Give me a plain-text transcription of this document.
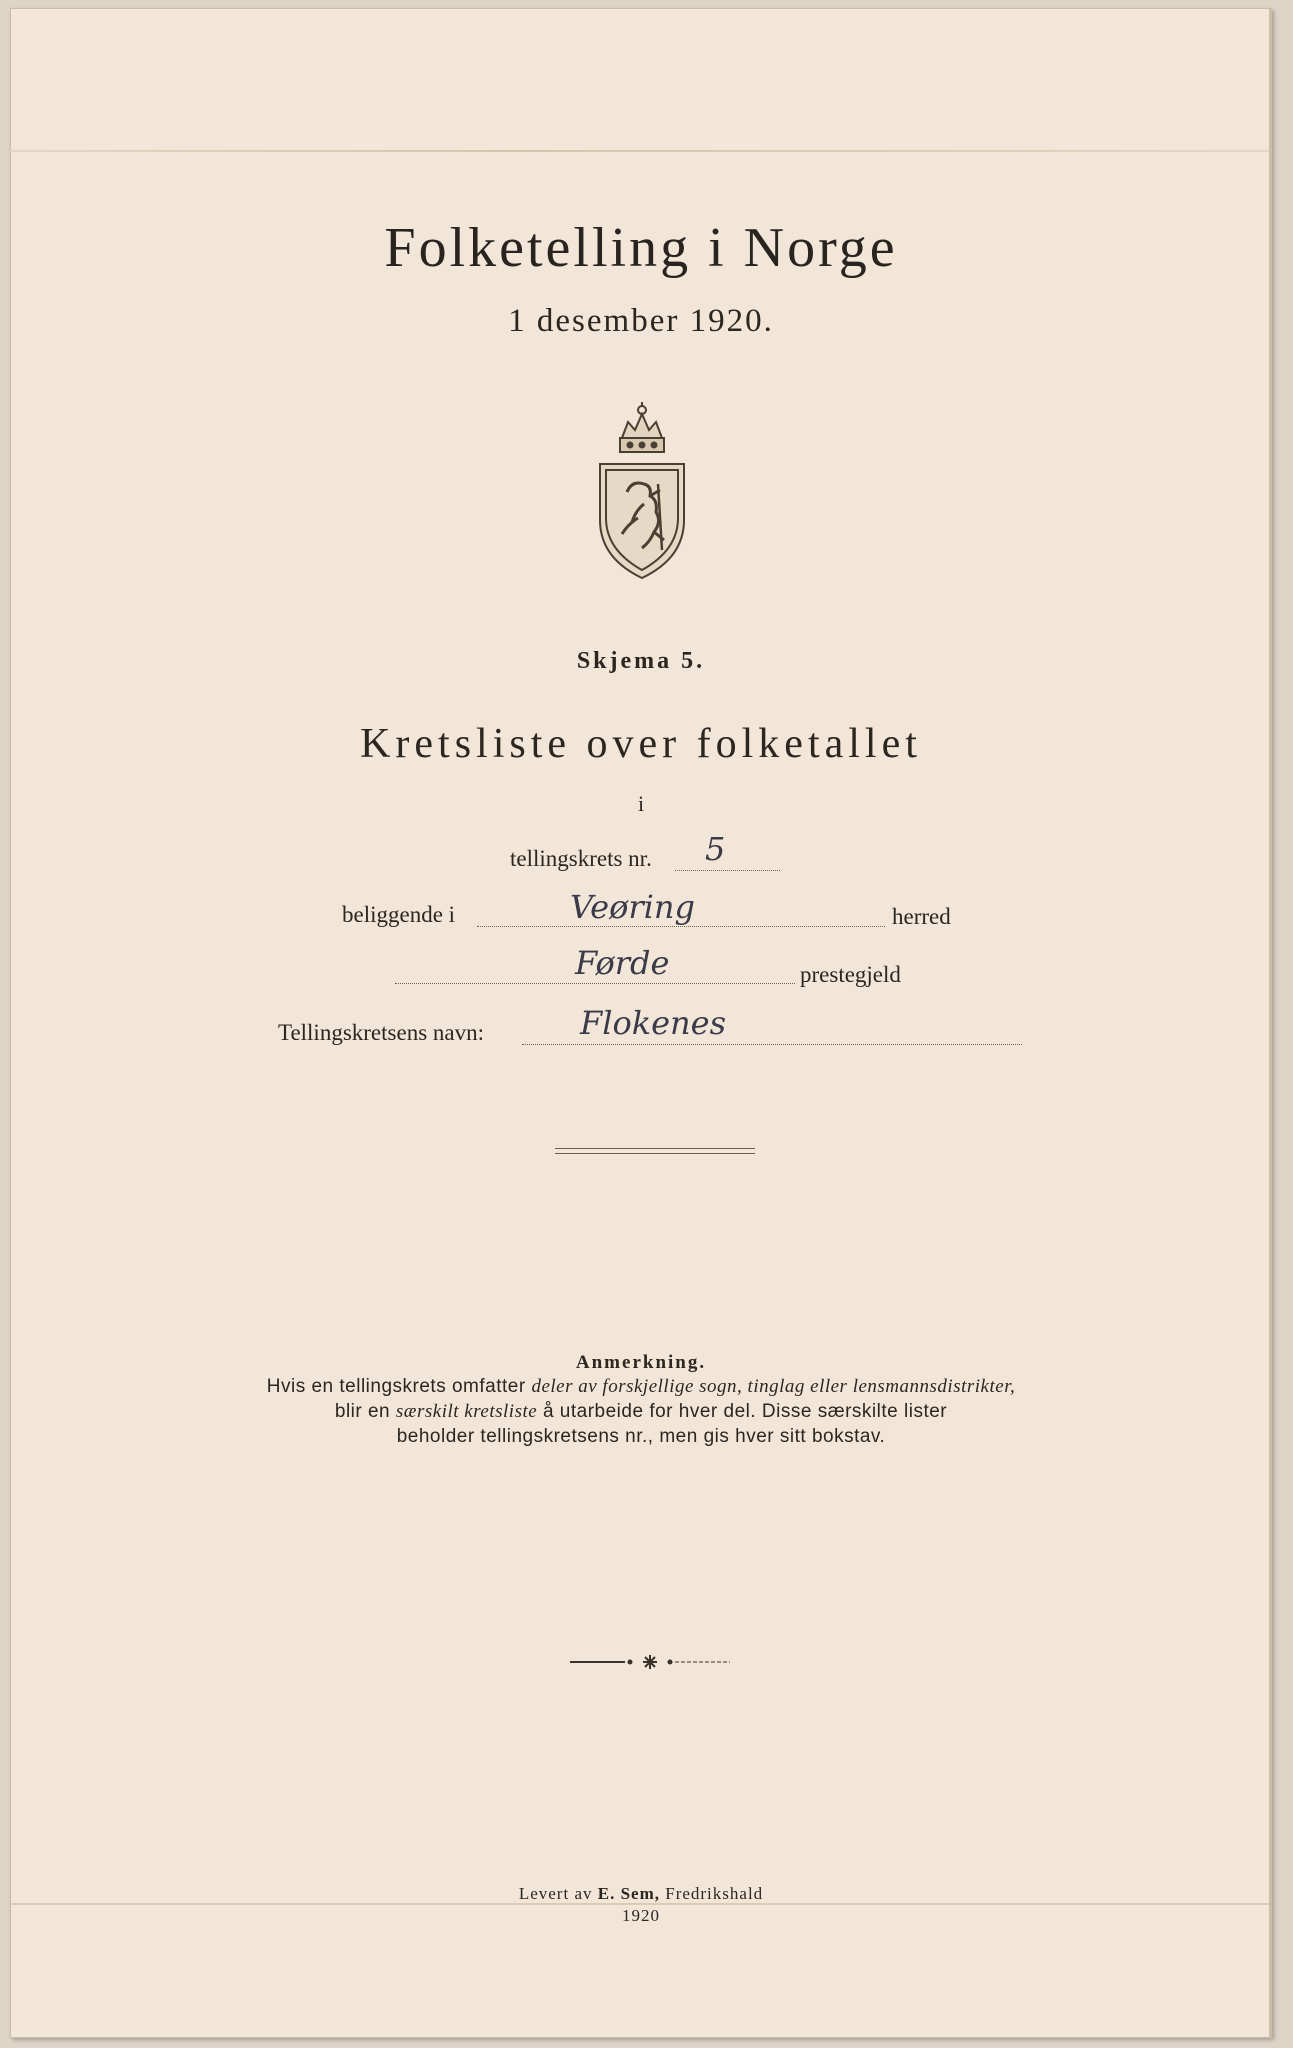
Folketelling i Norge
1 desember 1920.
Skjema 5.
Kretsliste over folketallet
i
tellingskrets nr. 5
beliggende i	Veøring	herred
Førde	prestegjeld
Tellingskretsens navn:	Flokenes
Anmerkning.
Hvis en tellingskrets omfatter deler av forskjellige sogn, tinglag eller lensmannsdistrikter,
blir en særskilt kretsliste å utarbeide for hver del. Disse særskilte lister
beholder tellingskretsens nr., men gis hver sitt bokstav.
Levert av E. Sem, Fredrikshald
1920
